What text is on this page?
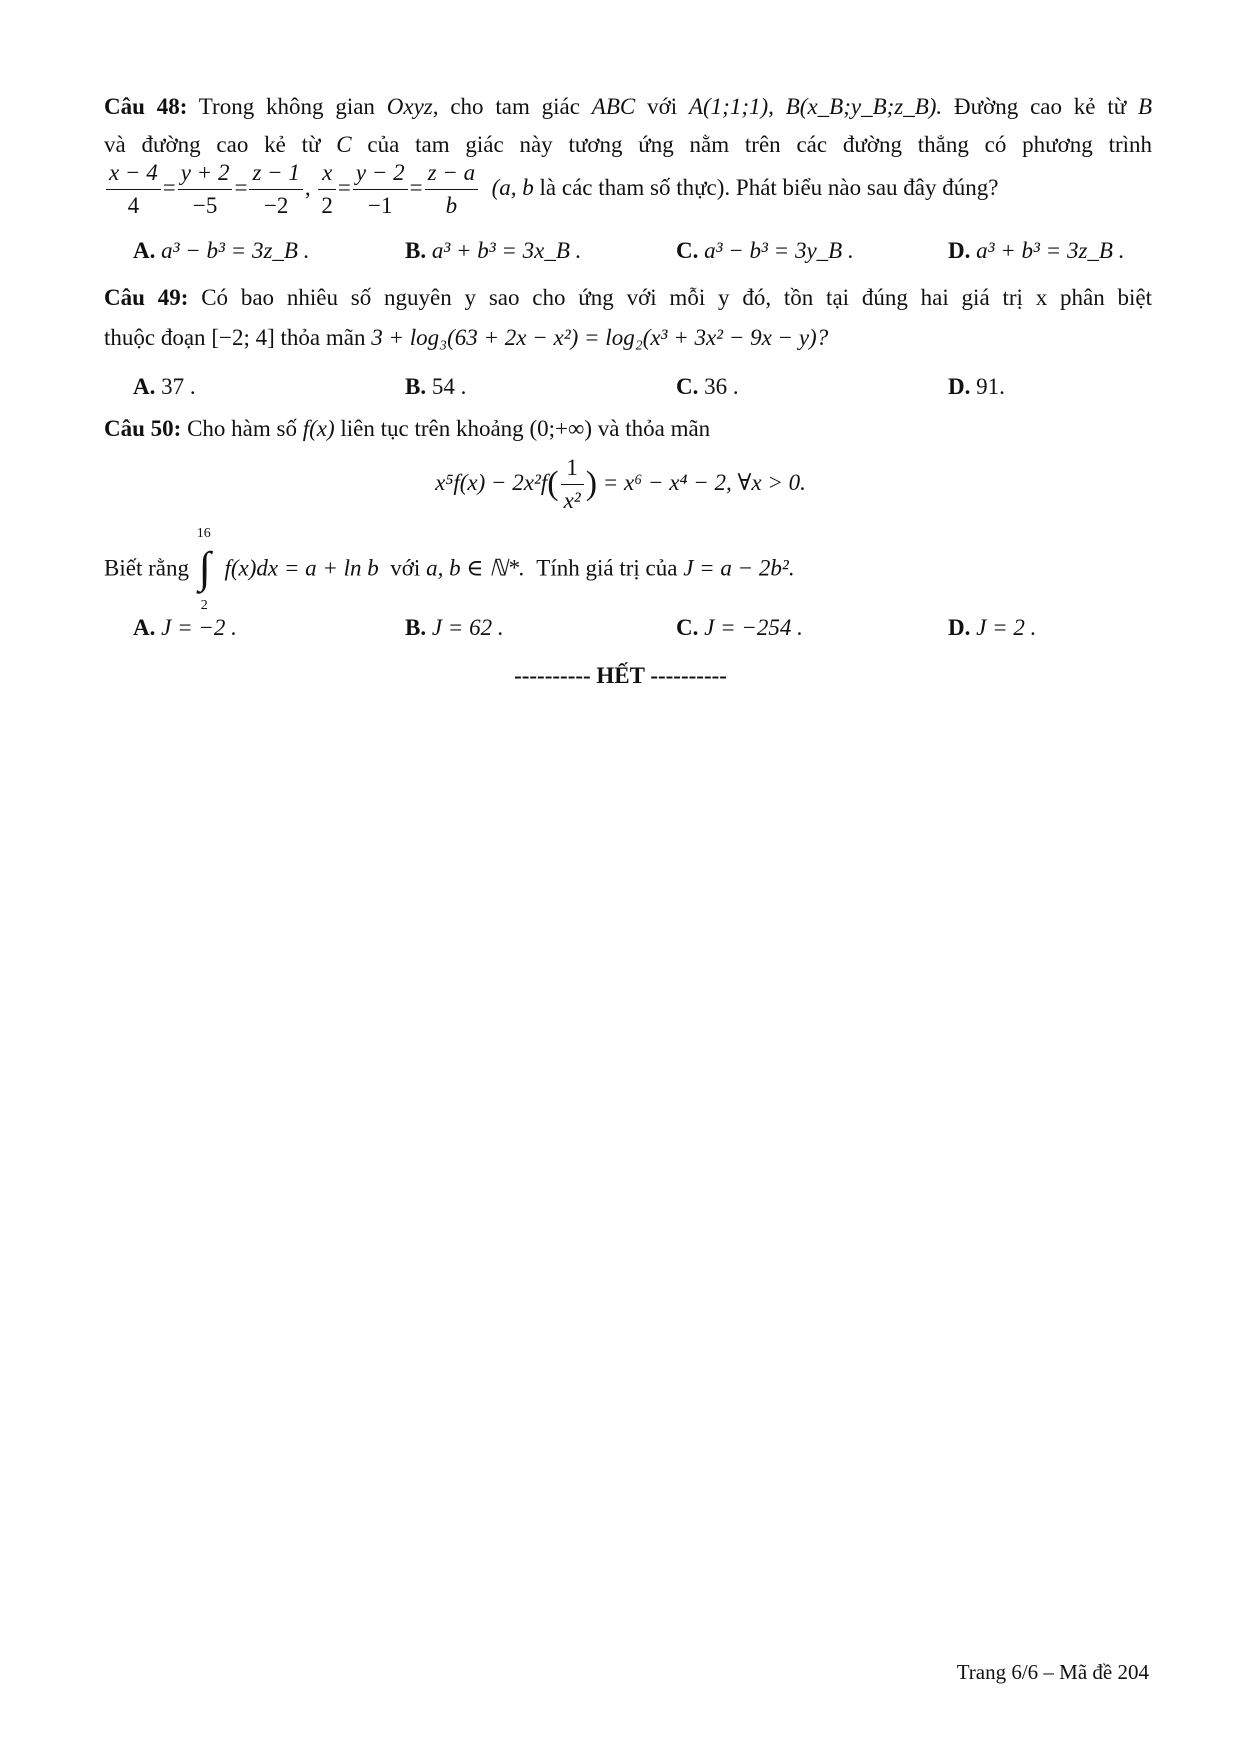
Câu 48: Trong không gian Oxyz, cho tam giác ABC với A(1;1;1), B(x_B;y_B;z_B). Đường cao kẻ từ B
và đường cao kẻ từ C của tam giác này tương ứng nằm trên các đường thẳng có phương trình
$\frac{x - 4}{4} = \frac{y + 2}{-5} = \frac{z - 1}{-2}$ , $\frac{x}{2} = \frac{y - 2}{-1} = \frac{z - a}{b} (a$, b là các tham số thực). Phát biểu nào sau đây đúng?
A. a³ − b³ = 3z_B .	B. a³ + b³ = 3x_B .	C. a³ − b³ = 3y_B .	D. a³ + b³ = 3z_B .
Câu 49: Có bao nhiêu số nguyên y sao cho ứng với mỗi y đó, tồn tại đúng hai giá trị x phân biệt
thuộc đoạn [−2; 4] thỏa mãn 3 + log₃(63 + 2x − x²) = log₂(x³ + 3x² − 9x − y)?
A. 37 .	B. 54 .	C. 36 .	D. 91.
Câu 50: Cho hàm số f(x) liên tục trên khoảng (0;+∞) và thỏa mãn
$x^5f(x) - 2x^2f( \frac{1}{\text{x²}}$ ) = x⁶ − x⁴ − 2, ∀x > 0.
Biết rằng
16
∫
2
f(x)dx = a + ln b với a, b ∈ ℕ*. Tính giá trị của J = a − 2b².
A. J = −2 .	B. J = 62 .	C. J = −254 .	D. J = 2 .
---------- HẾT ----------
Trang 6/6 – Mã đề 204
